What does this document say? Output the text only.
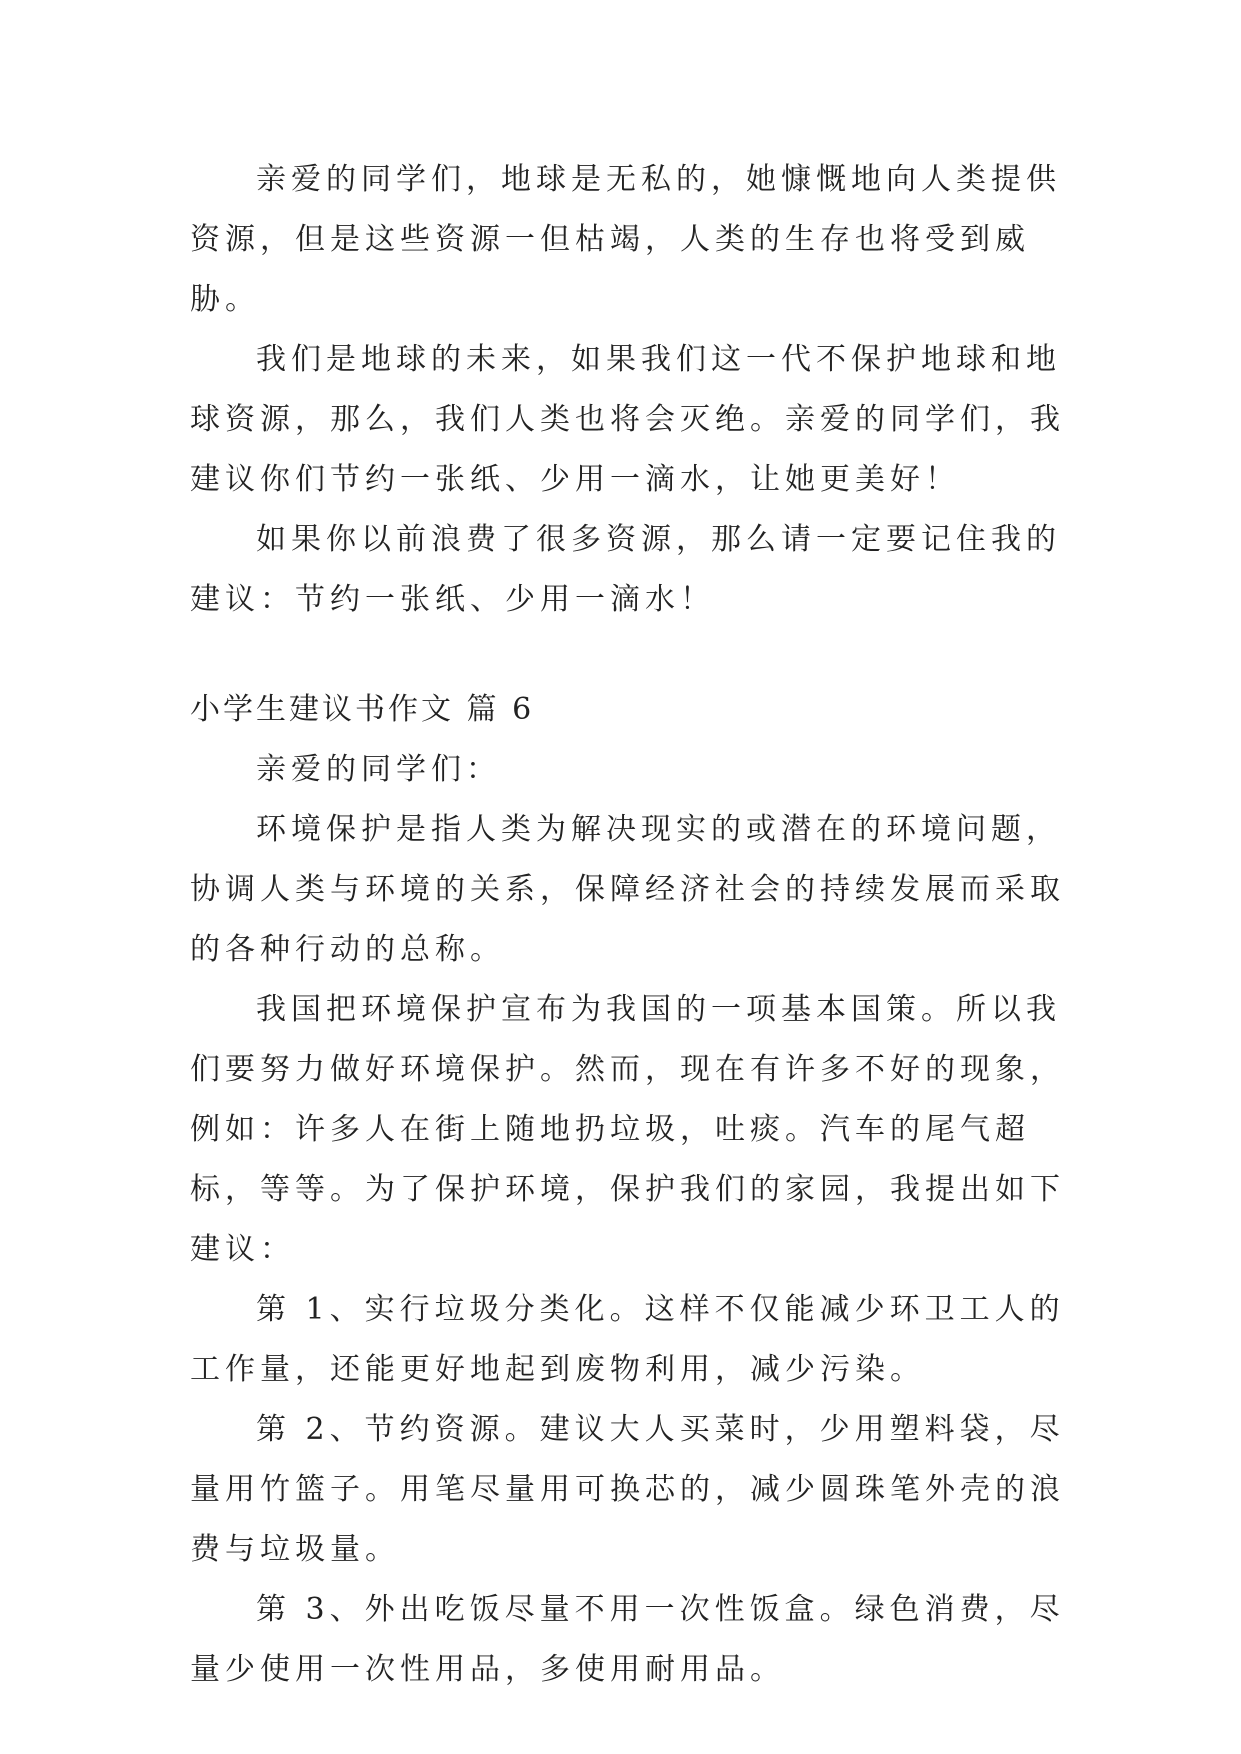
亲爱的同学们，地球是无私的，她慷慨地向人类提供资源，但是这些资源一但枯竭，人类的生存也将受到威胁。

我们是地球的未来，如果我们这一代不保护地球和地球资源，那么，我们人类也将会灭绝。亲爱的同学们，我建议你们节约一张纸、少用一滴水，让她更美好！

如果你以前浪费了很多资源，那么请一定要记住我的建议：节约一张纸、少用一滴水！

小学生建议书作文 篇 6

亲爱的同学们：

环境保护是指人类为解决现实的或潜在的环境问题，协调人类与环境的关系，保障经济社会的持续发展而采取的各种行动的总称。

我国把环境保护宣布为我国的一项基本国策。所以我们要努力做好环境保护。然而，现在有许多不好的现象，例如：许多人在街上随地扔垃圾，吐痰。汽车的尾气超标，等等。为了保护环境，保护我们的家园，我提出如下建议：

第 1、实行垃圾分类化。这样不仅能减少环卫工人的工作量，还能更好地起到废物利用，减少污染。

第 2、节约资源。建议大人买菜时，少用塑料袋，尽量用竹篮子。用笔尽量用可换芯的，减少圆珠笔外壳的浪费与垃圾量。

第 3、外出吃饭尽量不用一次性饭盒。绿色消费，尽量少使用一次性用品，多使用耐用品。
